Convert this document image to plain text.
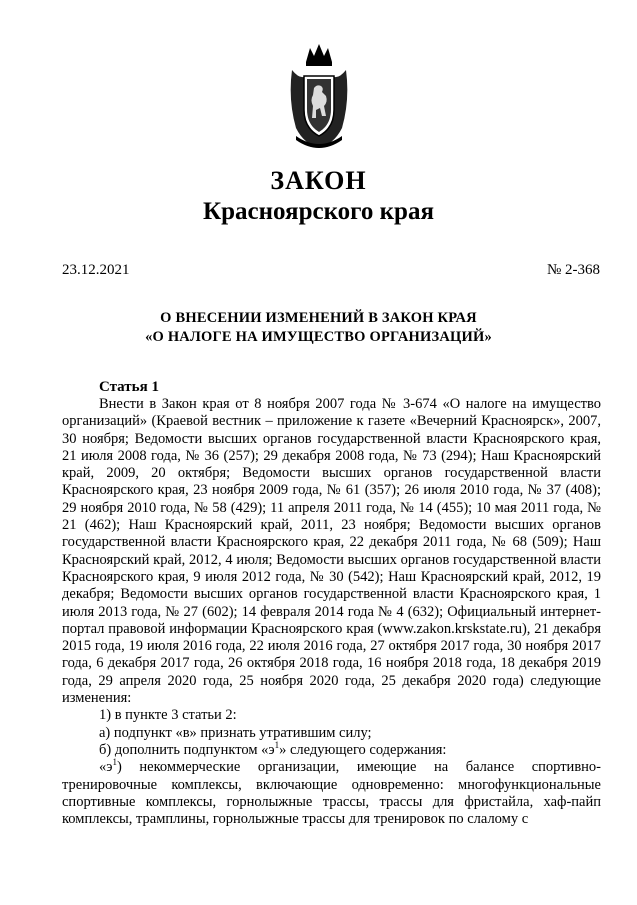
ЗАКОН
Красноярского края
23.12.2021	№ 2-368
О ВНЕСЕНИИ ИЗМЕНЕНИЙ В ЗАКОН КРАЯ
«О НАЛОГЕ НА ИМУЩЕСТВО ОРГАНИЗАЦИЙ»
Статья 1

Внести в Закон края от 8 ноября 2007 года № 3-674 «О налоге на имущество организаций» (Краевой вестник – приложение к газете «Вечерний Красноярск», 2007, 30 ноября; Ведомости высших органов государственной власти Красноярского края, 21 июля 2008 года, № 36 (257); 29 декабря 2008 года, № 73 (294); Наш Красноярский край, 2009, 20 октября; Ведомости высших органов государственной власти Красноярского края, 23 ноября 2009 года, № 61 (357); 26 июля 2010 года, № 37 (408); 29 ноября 2010 года, № 58 (429); 11 апреля 2011 года, № 14 (455); 10 мая 2011 года, № 21 (462); Наш Красноярский край, 2011, 23 ноября; Ведомости высших органов государственной власти Красноярского края, 22 декабря 2011 года, № 68 (509); Наш Красноярский край, 2012, 4 июля; Ведомости высших органов государственной власти Красноярского края, 9 июля 2012 года, № 30 (542); Наш Красноярский край, 2012, 19 декабря; Ведомости высших органов государственной власти Красноярского края, 1 июля 2013 года, № 27 (602); 14 февраля 2014 года № 4 (632); Официальный интернет-портал правовой информации Красноярского края (www.zakon.krskstate.ru), 21 декабря 2015 года, 19 июля 2016 года, 22 июля 2016 года, 27 октября 2017 года, 30 ноября 2017 года, 6 декабря 2017 года, 26 октября 2018 года, 16 ноября 2018 года, 18 декабря 2019 года, 29 апреля 2020 года, 25 ноября 2020 года, 25 декабря 2020 года) следующие изменения:

1) в пункте 3 статьи 2:

а) подпункт «в» признать утратившим силу;

б) дополнить подпунктом «$э^1$» следующего содержания:

«$э^1$) некоммерческие организации, имеющие на балансе спортивно-тренировочные комплексы, включающие одновременно: многофункциональные спортивные комплексы, горнолыжные трассы, трассы для фристайла, хаф-пайп комплексы, трамплины, горнолыжные трассы для тренировок по слалому с
